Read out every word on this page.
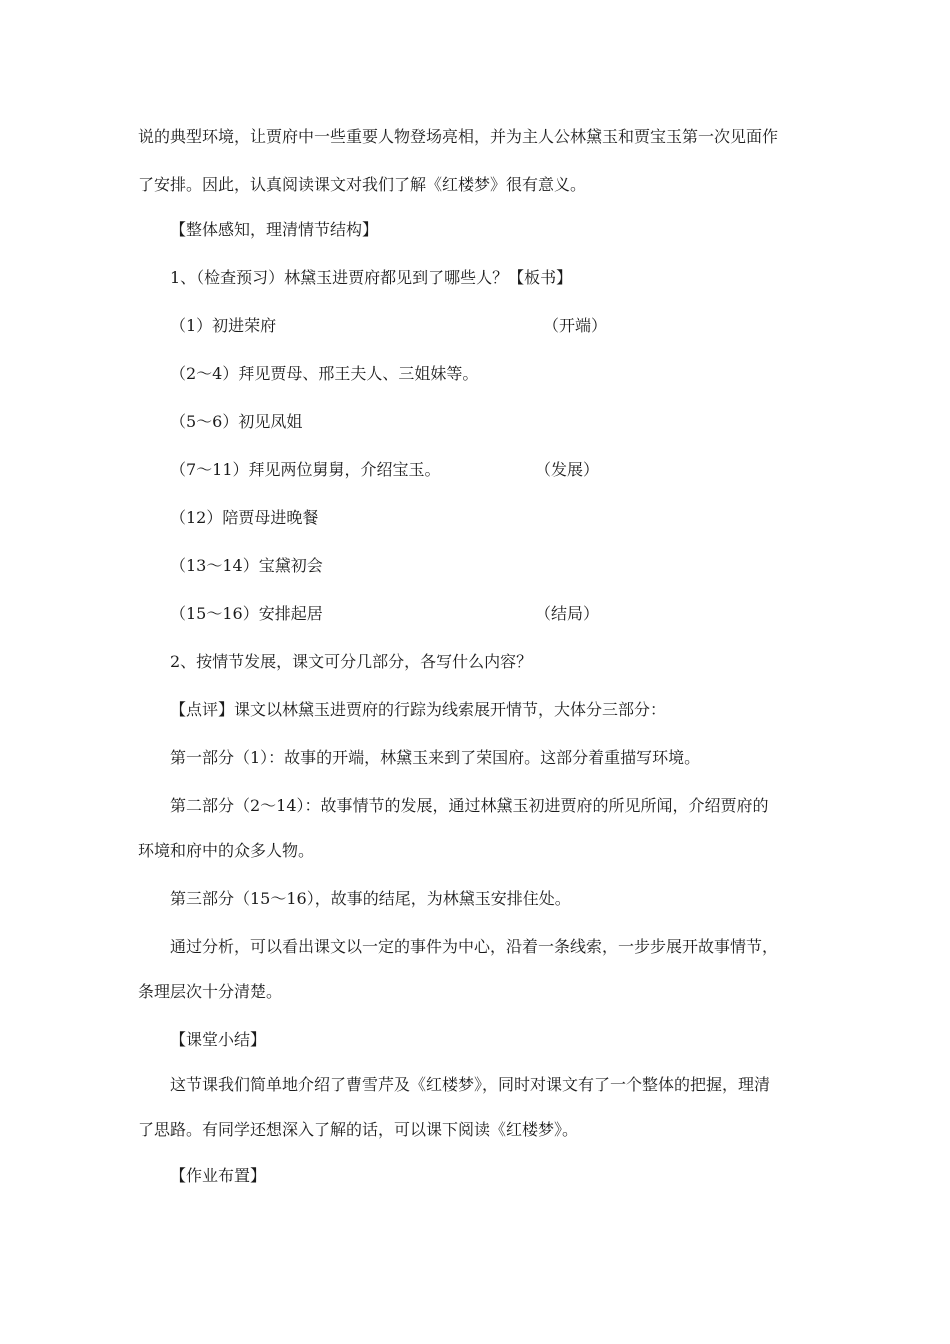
说的典型环境，让贾府中一些重要人物登场亮相，并为主人公林黛玉和贾宝玉第一次见面作
了安排。因此，认真阅读课文对我们了解《红楼梦》很有意义。
【整体感知，理清情节结构】
1、（检查预习）林黛玉进贾府都见到了哪些人？【板书】
（1）初进荣府	（开端）
（2～4）拜见贾母、邢王夫人、三姐妹等。
（5～6）初见凤姐
（7～11）拜见两位舅舅，介绍宝玉。	（发展）
（12）陪贾母进晚餐
（13～14）宝黛初会
（15～16）安排起居	（结局）
2、按情节发展，课文可分几部分，各写什么内容？
【点评】课文以林黛玉进贾府的行踪为线索展开情节，大体分三部分：
第一部分（1）：故事的开端，林黛玉来到了荣国府。这部分着重描写环境。
第二部分（2～14）：故事情节的发展，通过林黛玉初进贾府的所见所闻，介绍贾府的
环境和府中的众多人物。
第三部分（15～16），故事的结尾，为林黛玉安排住处。
通过分析，可以看出课文以一定的事件为中心，沿着一条线索，一步步展开故事情节，
条理层次十分清楚。
【课堂小结】
这节课我们简单地介绍了曹雪芹及《红楼梦》，同时对课文有了一个整体的把握，理清
了思路。有同学还想深入了解的话，可以课下阅读《红楼梦》。
【作业布置】
